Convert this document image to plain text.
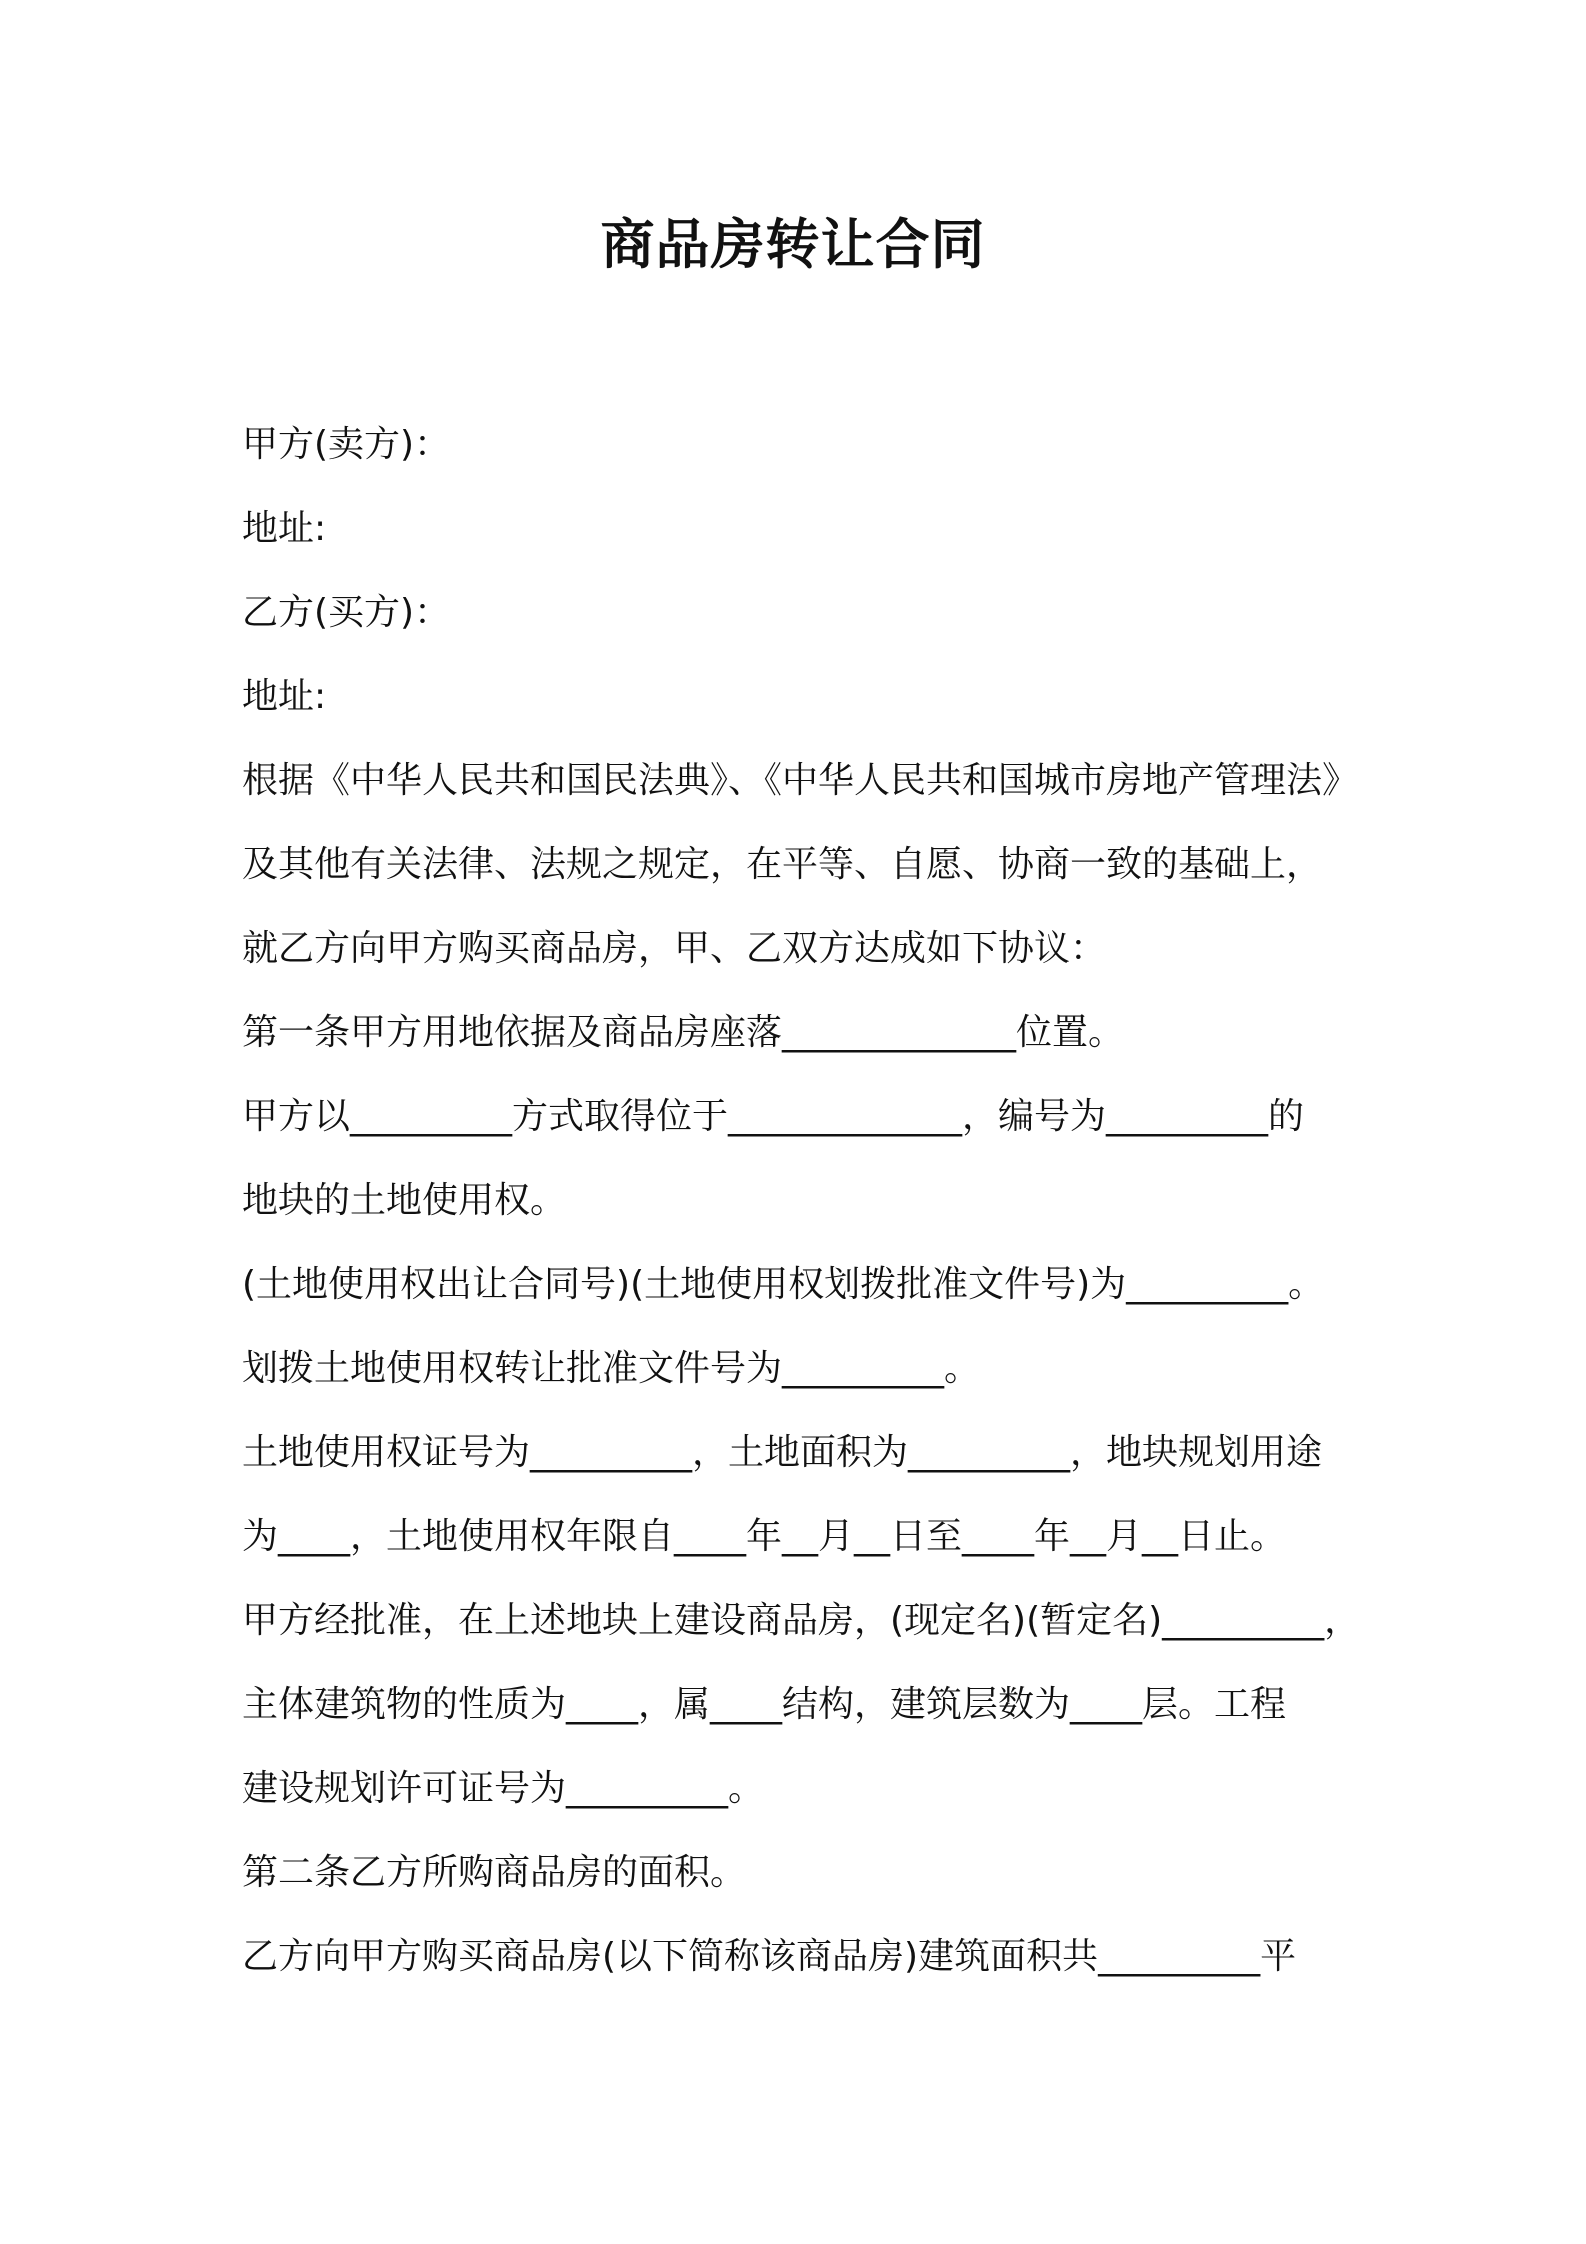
商品房转让合同
甲方(卖方)：
地址:
乙方(买方)：
地址:
根据《中华人民共和国民法典》、《中华人民共和国城市房地产管理法》
及其他有关法律、法规之规定，在平等、自愿、协商一致的基础上，
就乙方向甲方购买商品房，甲、乙双方达成如下协议：
第一条甲方用地依据及商品房座落_____________位置。
甲方以_________方式取得位于_____________，编号为_________的
地块的土地使用权。
(土地使用权出让合同号)(土地使用权划拨批准文件号)为_________。
划拨土地使用权转让批准文件号为_________。
土地使用权证号为_________，土地面积为_________，地块规划用途
为____，土地使用权年限自____年__月__日至____年__月__日止。
甲方经批准，在上述地块上建设商品房，(现定名)(暂定名)_________，
主体建筑物的性质为____，属____结构，建筑层数为____层。工程
建设规划许可证号为_________。
第二条乙方所购商品房的面积。
乙方向甲方购买商品房(以下简称该商品房)建筑面积共_________平
